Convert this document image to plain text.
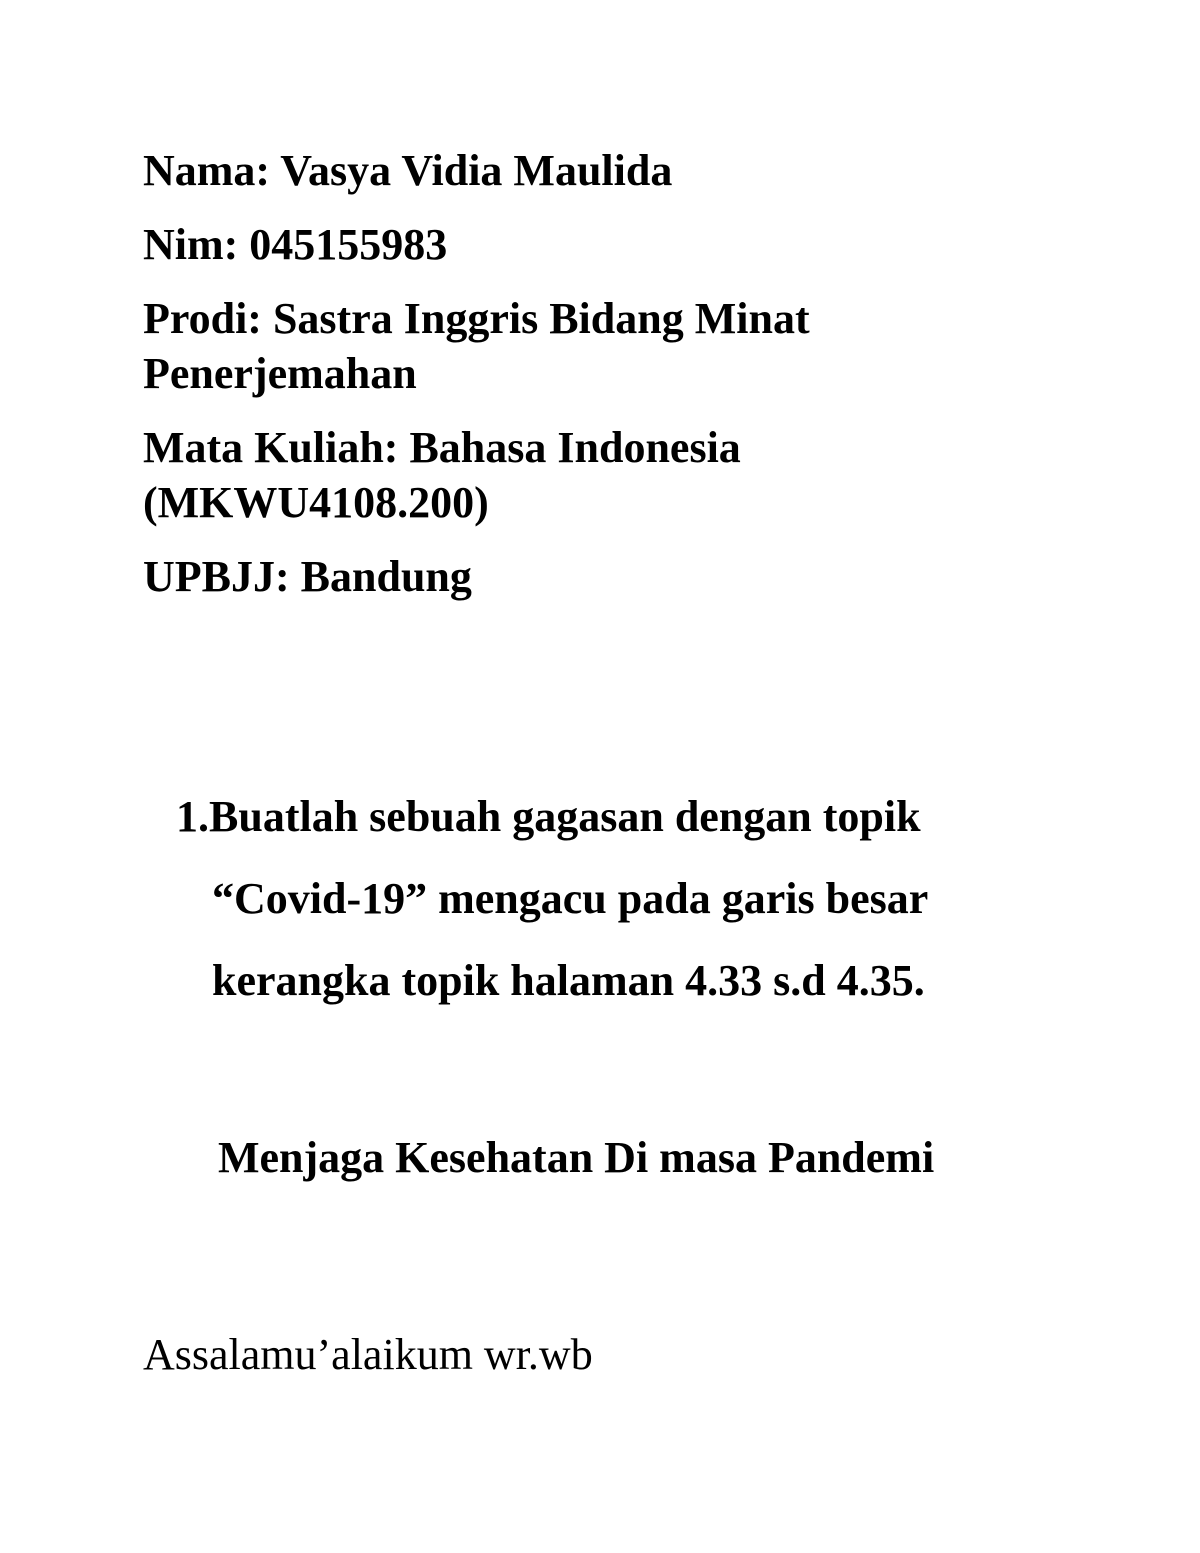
Nama: Vasya Vidia Maulida
Nim: 045155983
Prodi: Sastra Inggris Bidang Minat
Penerjemahan
Mata Kuliah: Bahasa Indonesia
(MKWU4108.200)
UPBJJ: Bandung
1.Buatlah sebuah gagasan dengan topik
“Covid-19” mengacu pada garis besar
kerangka topik halaman 4.33 s.d 4.35.
Menjaga Kesehatan Di masa Pandemi
Assalamu’alaikum wr.wb
